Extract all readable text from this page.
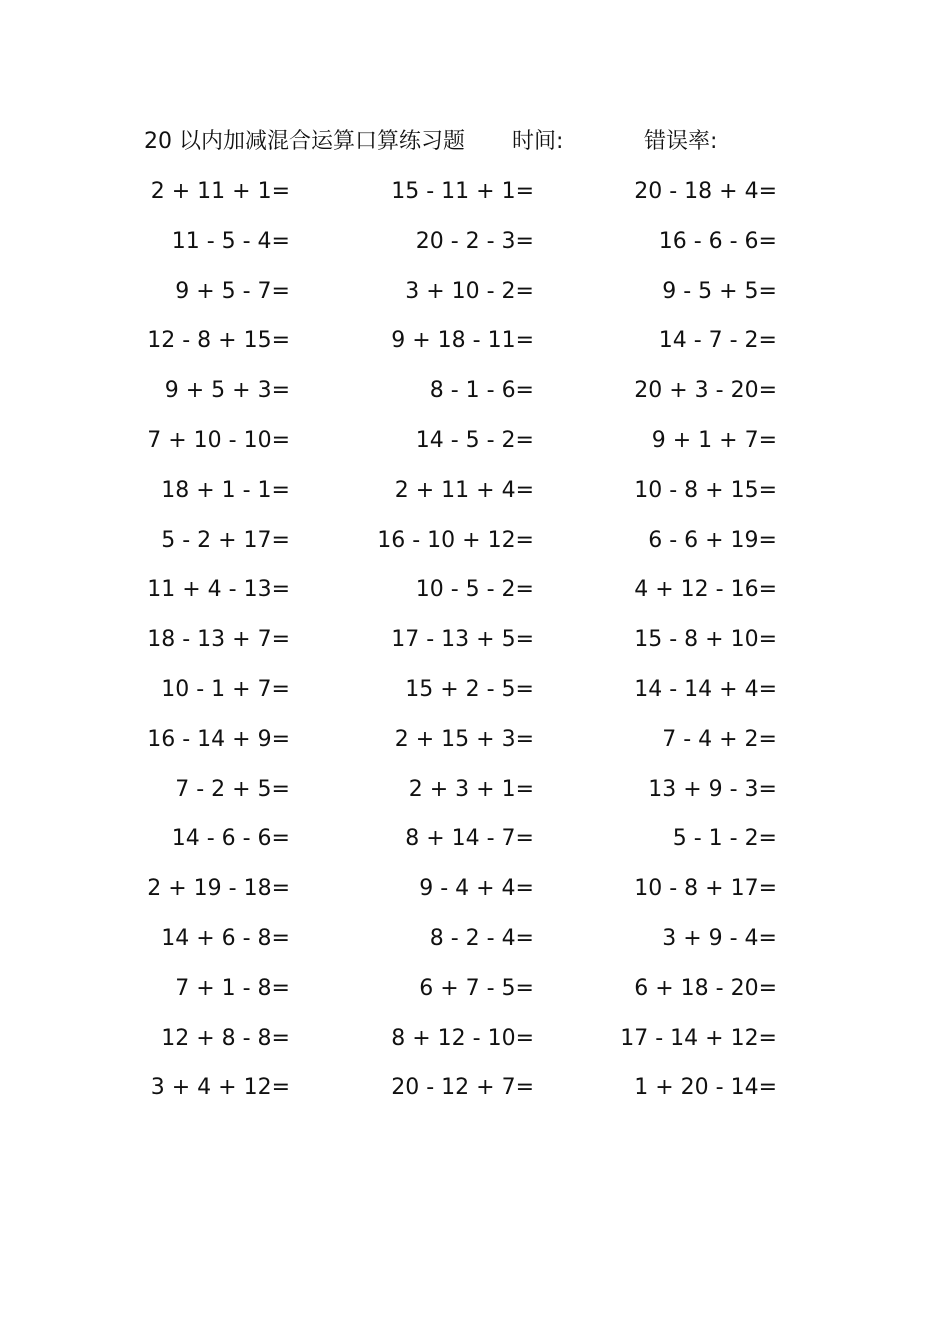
20 以内加减混合运算口算练习题 时间:	错误率:
2 + 11 + 1=	15 - 11 + 1=	20 - 18 + 4=
11 - 5 - 4=	20 - 2 - 3=	16 - 6 - 6=
9 + 5 - 7=	3 + 10 - 2=	9 - 5 + 5=
12 - 8 + 15=	9 + 18 - 11=	14 - 7 - 2=
9 + 5 + 3=	8 - 1 - 6=	20 + 3 - 20=
7 + 10 - 10=	14 - 5 - 2=	9 + 1 + 7=
18 + 1 - 1=	2 + 11 + 4=	10 - 8 + 15=
5 - 2 + 17=	16 - 10 + 12=	6 - 6 + 19=
11 + 4 - 13=	10 - 5 - 2=	4 + 12 - 16=
18 - 13 + 7=	17 - 13 + 5=	15 - 8 + 10=
10 - 1 + 7=	15 + 2 - 5=	14 - 14 + 4=
16 - 14 + 9=	2 + 15 + 3=	7 - 4 + 2=
7 - 2 + 5=	2 + 3 + 1=	13 + 9 - 3=
14 - 6 - 6=	8 + 14 - 7=	5 - 1 - 2=
2 + 19 - 18=	9 - 4 + 4=	10 - 8 + 17=
14 + 6 - 8=	8 - 2 - 4=	3 + 9 - 4=
7 + 1 - 8=	6 + 7 - 5=	6 + 18 - 20=
12 + 8 - 8=	8 + 12 - 10=	17 - 14 + 12=
3 + 4 + 12=	20 - 12 + 7=	1 + 20 - 14=
